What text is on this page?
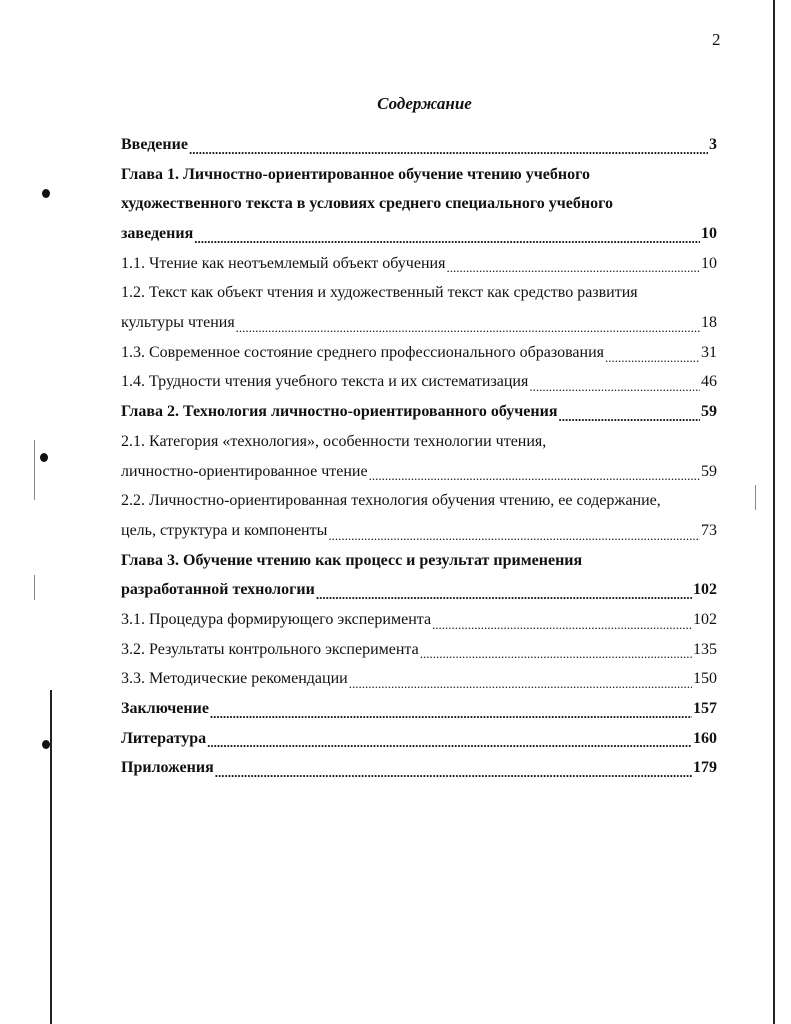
2
Содержание
Введение .....	3
Глава 1. Личностно-ориентированное обучение чтению учебного
художественного текста в условиях среднего специального учебного
заведения .....	10
1.1. Чтение как неотъемлемый объект обучения .....	10
1.2. Текст как объект чтения и художественный текст как средство развития
культуры чтения .....	18
1.3. Современное состояние среднего профессионального образования .....	31
1.4. Трудности чтения учебного текста и их систематизация .....	46
Глава 2. Технология личностно-ориентированного обучения .....	59
2.1. Категория «технология», особенности технологии чтения,
личностно-ориентированное чтение .....	59
2.2. Личностно-ориентированная технология обучения чтению, ее содержание,
цель, структура и компоненты .....	73
Глава 3. Обучение чтению как процесс и результат применения
разработанной технологии .....	102
3.1. Процедура формирующего эксперимента .....	102
3.2. Результаты контрольного эксперимента .....	135
3.3. Методические рекомендации .....	150
Заключение .....	157
Литература .....	160
Приложения .....	179
